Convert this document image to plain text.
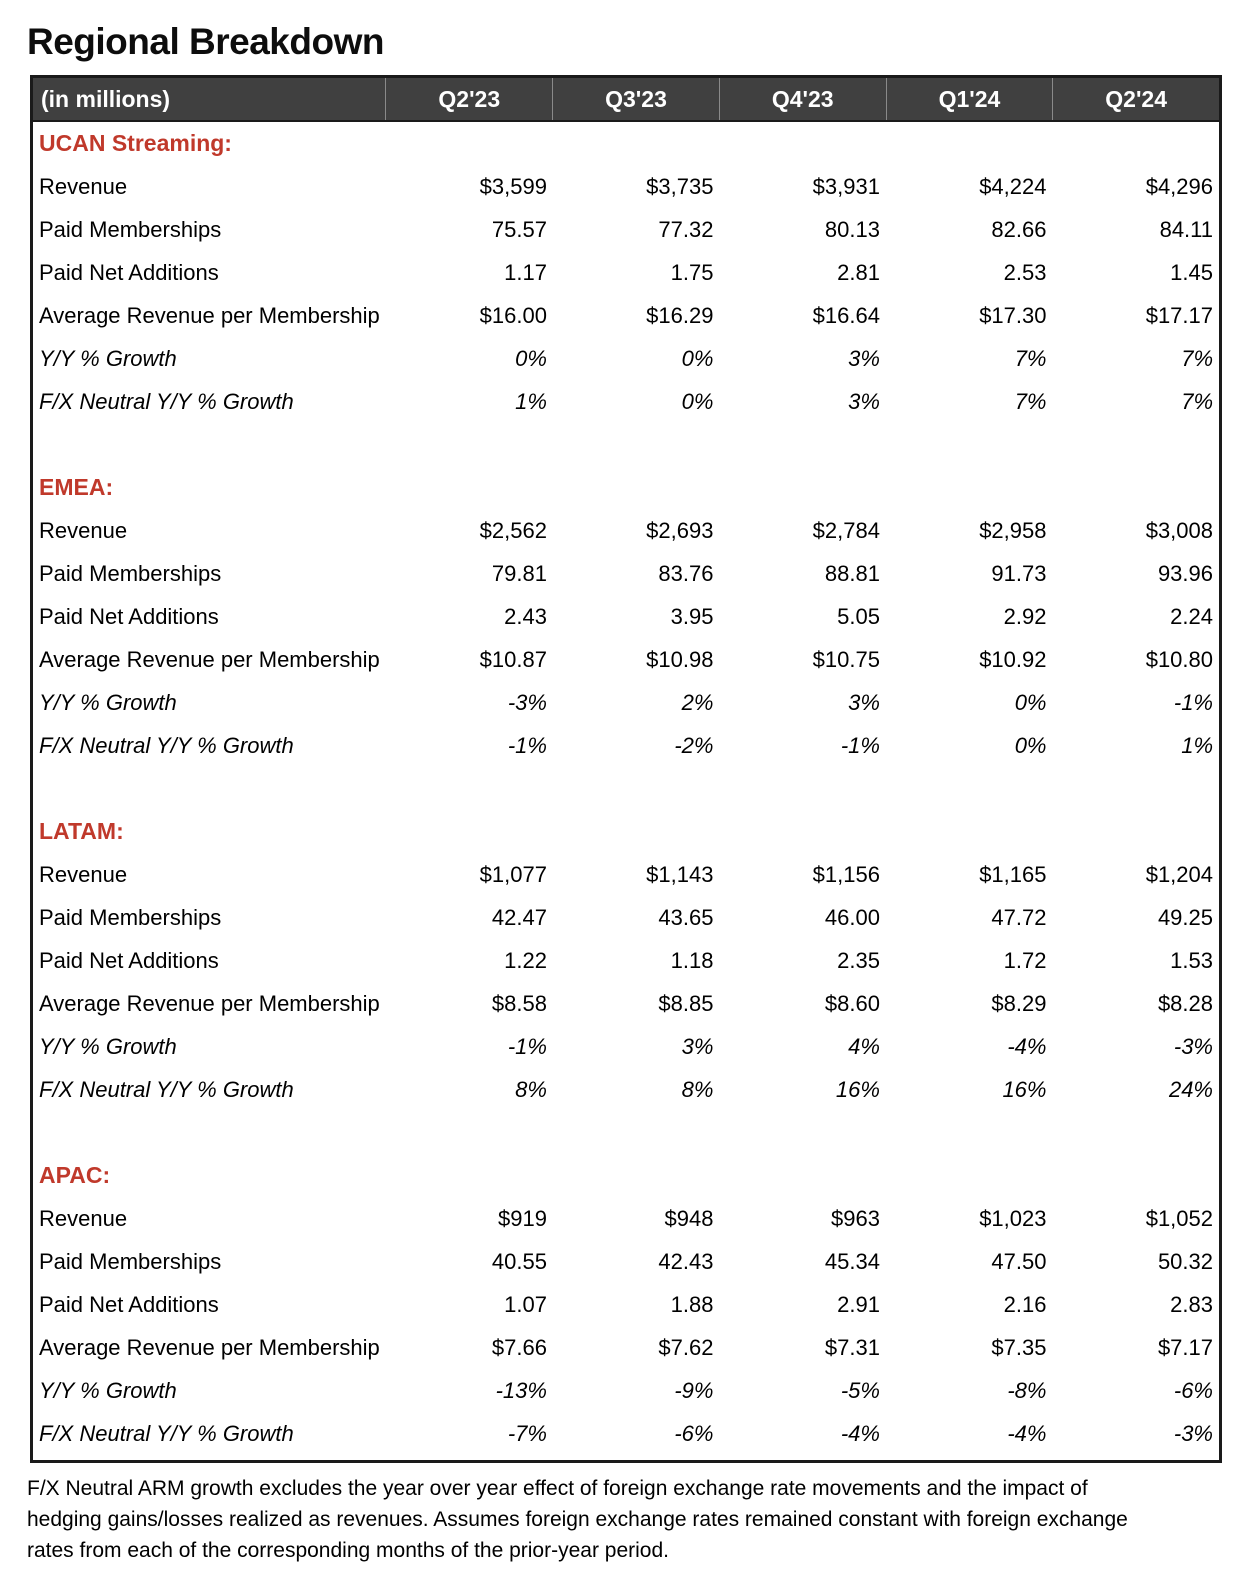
Regional Breakdown
(in millions)	Q2'23	Q3'23	Q4'23	Q1'24	Q2'24
UCAN Streaming:
Revenue	$3,599	$3,735	$3,931	$4,224	$4,296
Paid Memberships	75.57	77.32	80.13	82.66	84.11
Paid Net Additions	1.17	1.75	2.81	2.53	1.45
Average Revenue per Membership	$16.00	$16.29	$16.64	$17.30	$17.17
Y/Y % Growth	0%	0%	3%	7%	7%
F/X Neutral Y/Y % Growth	1%	0%	3%	7%	7%
EMEA:
Revenue	$2,562	$2,693	$2,784	$2,958	$3,008
Paid Memberships	79.81	83.76	88.81	91.73	93.96
Paid Net Additions	2.43	3.95	5.05	2.92	2.24
Average Revenue per Membership	$10.87	$10.98	$10.75	$10.92	$10.80
Y/Y % Growth	-3%	2%	3%	0%	-1%
F/X Neutral Y/Y % Growth	-1%	-2%	-1%	0%	1%
LATAM:
Revenue	$1,077	$1,143	$1,156	$1,165	$1,204
Paid Memberships	42.47	43.65	46.00	47.72	49.25
Paid Net Additions	1.22	1.18	2.35	1.72	1.53
Average Revenue per Membership	$8.58	$8.85	$8.60	$8.29	$8.28
Y/Y % Growth	-1%	3%	4%	-4%	-3%
F/X Neutral Y/Y % Growth	8%	8%	16%	16%	24%
APAC:
Revenue	$919	$948	$963	$1,023	$1,052
Paid Memberships	40.55	42.43	45.34	47.50	50.32
Paid Net Additions	1.07	1.88	2.91	2.16	2.83
Average Revenue per Membership	$7.66	$7.62	$7.31	$7.35	$7.17
Y/Y % Growth	-13%	-9%	-5%	-8%	-6%
F/X Neutral Y/Y % Growth	-7%	-6%	-4%	-4%	-3%

F/X Neutral ARM growth excludes the year over year effect of foreign exchange rate movements and the impact of hedging gains/losses realized as revenues. Assumes foreign exchange rates remained constant with foreign exchange rates from each of the corresponding months of the prior-year period.
